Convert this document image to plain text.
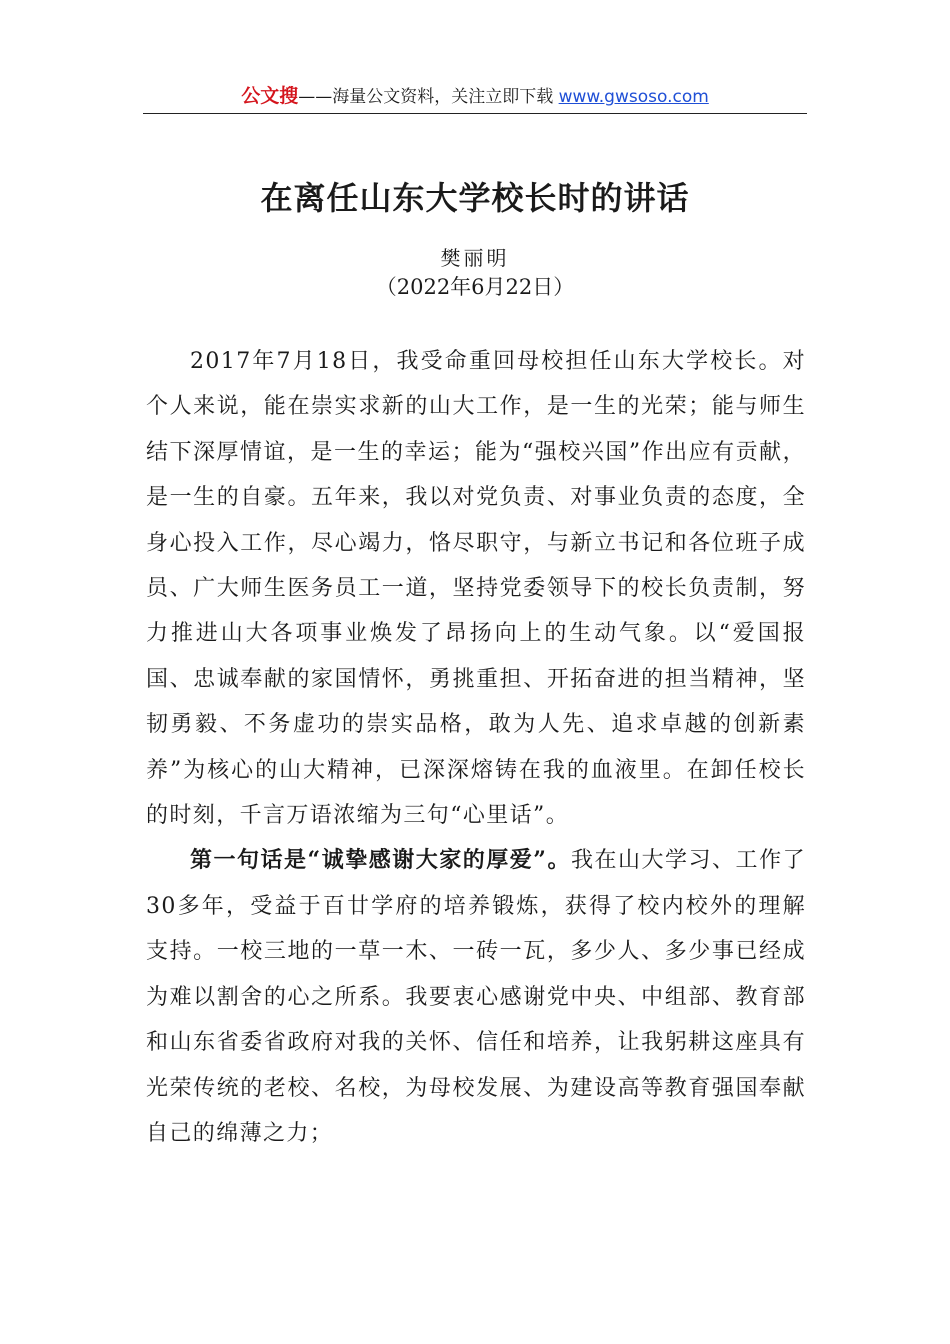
公文搜——海量公文资料，关注立即下载 www.gwsoso.com
在离任山东大学校长时的讲话
樊丽明
（2022年6月22日）

2017年7月18日，我受命重回母校担任山东大学校长。对个人来说，能在崇实求新的山大工作，是一生的光荣；能与师生结下深厚情谊，是一生的幸运；能为“强校兴国”作出应有贡献，是一生的自豪。五年来，我以对党负责、对事业负责的态度，全身心投入工作，尽心竭力，恪尽职守，与新立书记和各位班子成员、广大师生医务员工一道，坚持党委领导下的校长负责制，努力推进山大各项事业焕发了昂扬向上的生动气象。以“爱国报国、忠诚奉献的家国情怀，勇挑重担、开拓奋进的担当精神，坚韧勇毅、不务虚功的崇实品格，敢为人先、追求卓越的创新素养”为核心的山大精神，已深深熔铸在我的血液里。在卸任校长的时刻，千言万语浓缩为三句“心里话”。

第一句话是“诚挚感谢大家的厚爱”。我在山大学习、工作了30多年，受益于百廿学府的培养锻炼，获得了校内校外的理解支持。一校三地的一草一木、一砖一瓦，多少人、多少事已经成为难以割舍的心之所系。我要衷心感谢党中央、中组部、教育部和山东省委省政府对我的关怀、信任和培养，让我躬耕这座具有光荣传统的老校、名校，为母校发展、为建设高等教育强国奉献自己的绵薄之力；
